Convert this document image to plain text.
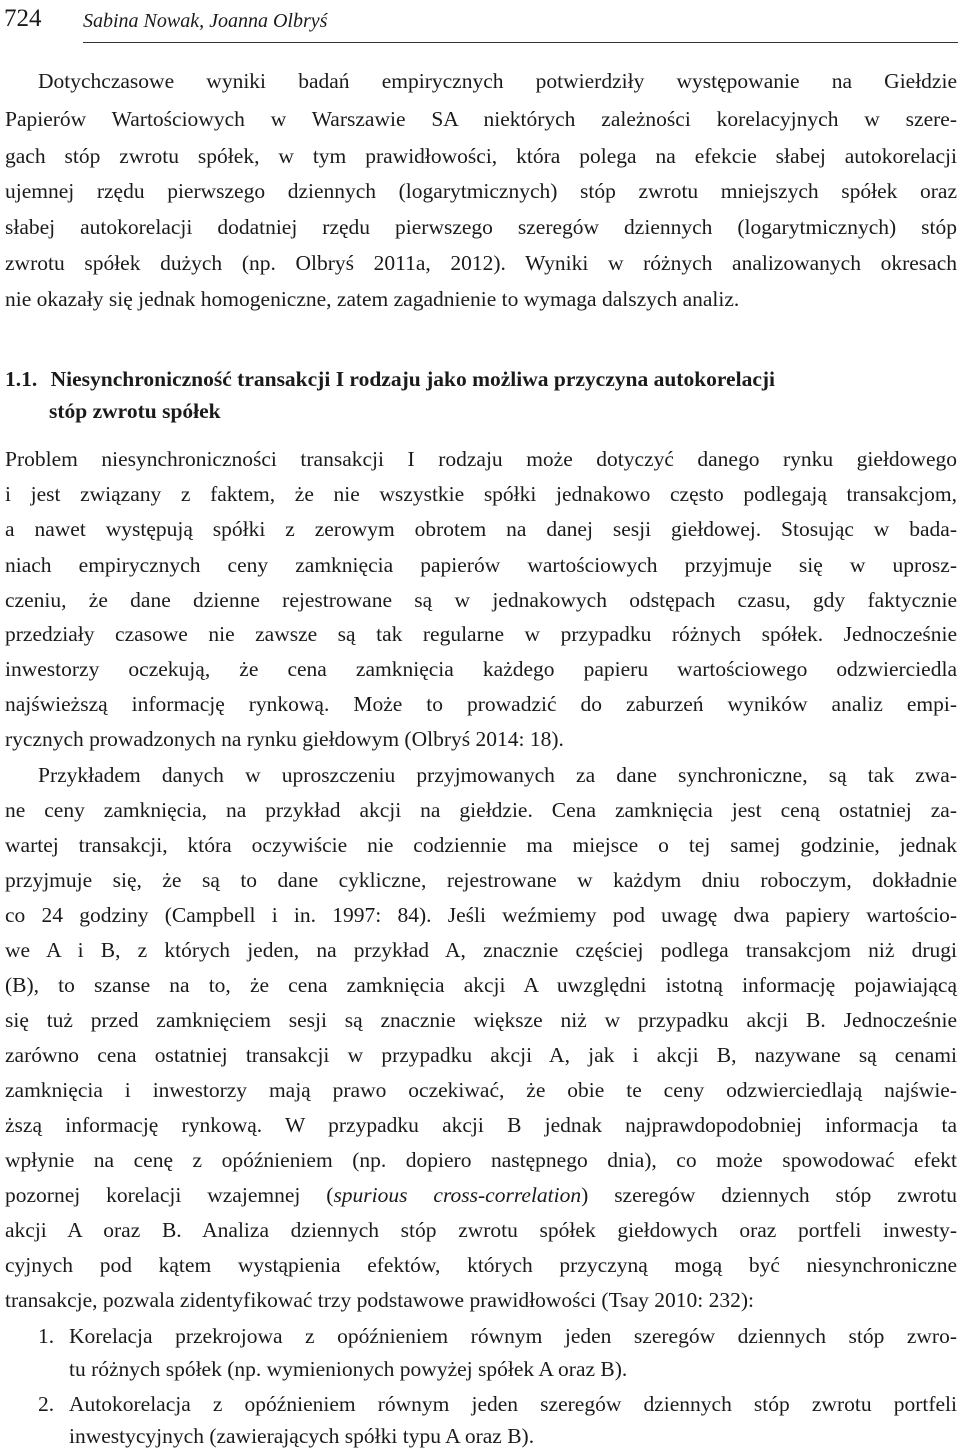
724 Sabina Nowak, Joanna Olbryś
Dotychczasowe wyniki badań empirycznych potwierdziły występowanie na Giełdzie
Papierów Wartościowych w Warszawie SA niektórych zależności korelacyjnych w szere-
gach stóp zwrotu spółek, w tym prawidłowości, która polega na efekcie słabej autokorelacji
ujemnej rzędu pierwszego dziennych (logarytmicznych) stóp zwrotu mniejszych spółek oraz
słabej autokorelacji dodatniej rzędu pierwszego szeregów dziennych (logarytmicznych) stóp
zwrotu spółek dużych (np. Olbryś 2011a, 2012). Wyniki w różnych analizowanych okresach
nie okazały się jednak homogeniczne, zatem zagadnienie to wymaga dalszych analiz.
1.1. Niesynchroniczność transakcji I rodzaju jako możliwa przyczyna autokorelacji
stóp zwrotu spółek
Problem niesynchroniczności transakcji I rodzaju może dotyczyć danego rynku giełdowego
i jest związany z faktem, że nie wszystkie spółki jednakowo często podlegają transakcjom,
a nawet występują spółki z zerowym obrotem na danej sesji giełdowej. Stosując w bada-
niach empirycznych ceny zamknięcia papierów wartościowych przyjmuje się w uprosz-
czeniu, że dane dzienne rejestrowane są w jednakowych odstępach czasu, gdy faktycznie
przedziały czasowe nie zawsze są tak regularne w przypadku różnych spółek. Jednocześnie
inwestorzy oczekują, że cena zamknięcia każdego papieru wartościowego odzwierciedla
najświeższą informację rynkową. Może to prowadzić do zaburzeń wyników analiz empi-
rycznych prowadzonych na rynku giełdowym (Olbryś 2014: 18).
Przykładem danych w uproszczeniu przyjmowanych za dane synchroniczne, są tak zwa-
ne ceny zamknięcia, na przykład akcji na giełdzie. Cena zamknięcia jest ceną ostatniej za-
wartej transakcji, która oczywiście nie codziennie ma miejsce o tej samej godzinie, jednak
przyjmuje się, że są to dane cykliczne, rejestrowane w każdym dniu roboczym, dokładnie
co 24 godziny (Campbell i in. 1997: 84). Jeśli weźmiemy pod uwagę dwa papiery wartościo-
we A i B, z których jeden, na przykład A, znacznie częściej podlega transakcjom niż drugi
(B), to szanse na to, że cena zamknięcia akcji A uwzględni istotną informację pojawiającą
się tuż przed zamknięciem sesji są znacznie większe niż w przypadku akcji B. Jednocześnie
zarówno cena ostatniej transakcji w przypadku akcji A, jak i akcji B, nazywane są cenami
zamknięcia i inwestorzy mają prawo oczekiwać, że obie te ceny odzwierciedlają najświe-
ższą informację rynkową. W przypadku akcji B jednak najprawdopodobniej informacja ta
wpłynie na cenę z opóźnieniem (np. dopiero następnego dnia), co może spowodować efekt
pozornej korelacji wzajemnej (spurious cross-correlation) szeregów dziennych stóp zwrotu
akcji A oraz B. Analiza dziennych stóp zwrotu spółek giełdowych oraz portfeli inwesty-
cyjnych pod kątem wystąpienia efektów, których przyczyną mogą być niesynchroniczne
transakcje, pozwala zidentyfikować trzy podstawowe prawidłowości (Tsay 2010: 232):
1. Korelacja przekrojowa z opóźnieniem równym jeden szeregów dziennych stóp zwro-
tu różnych spółek (np. wymienionych powyżej spółek A oraz B).
2. Autokorelacja z opóźnieniem równym jeden szeregów dziennych stóp zwrotu portfeli
inwestycyjnych (zawierających spółki typu A oraz B).
